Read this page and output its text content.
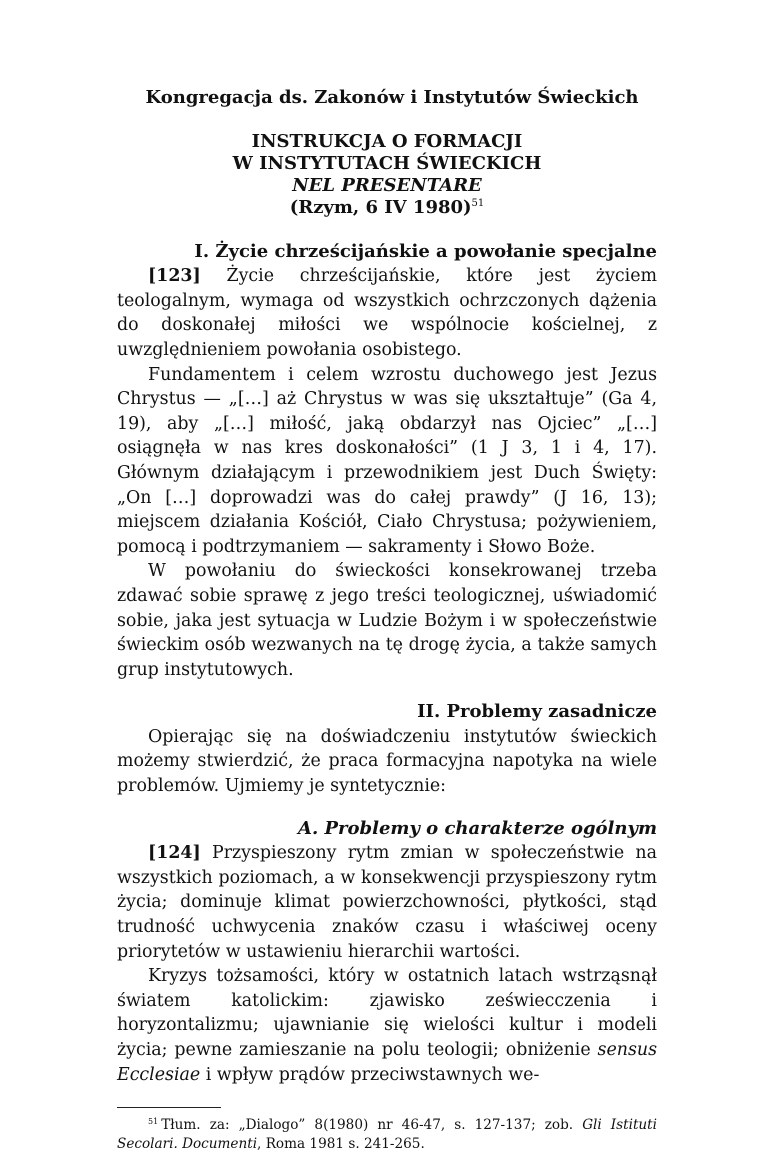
Kongregacja ds. Zakonów i Instytutów Świeckich
INSTRUKCJA O FORMACJI
W INSTYTUTACH ŚWIECKICH
NEL PRESENTARE
(Rzym, 6 IV 1980)$^{51}$
I. Życie chrześcijańskie a powołanie specjalne

[123] Życie chrześcijańskie, które jest życiem teologalnym, wymaga od wszystkich ochrzczonych dążenia do doskonałej miłości we wspólnocie kościelnej, z uwzględnieniem powołania osobistego.

Fundamentem i celem wzrostu duchowego jest Jezus Chrystus — „[…] aż Chrystus w was się ukształtuje” (Ga 4, 19), aby „[…] miłość, jaką obdarzył nas Ojciec” „[…] osiągnęła w nas kres doskonałości” (1 J 3, 1 i 4, 17). Głównym działającym i przewodnikiem jest Duch Święty: „On […] doprowadzi was do całej prawdy” (J 16, 13); miejscem działania Kościół, Ciało Chrystusa; pożywieniem, pomocą i podtrzymaniem — sakramenty i Słowo Boże.

W powołaniu do świeckości konsekrowanej trzeba zdawać sobie sprawę z jego treści teologicznej, uświadomić sobie, jaka jest sytuacja w Ludzie Bożym i w społeczeństwie świeckim osób wezwanych na tę drogę życia, a także samych grup instytutowych.

II. Problemy zasadnicze

Opierając się na doświadczeniu instytutów świeckich możemy stwierdzić, że praca formacyjna napotyka na wiele problemów. Ujmiemy je syntetycznie:

A. Problemy o charakterze ogólnym

[124] Przyspieszony rytm zmian w społeczeństwie na wszystkich poziomach, a w konsekwencji przyspieszony rytm życia; dominuje klimat powierzchowności, płytkości, stąd trudność uchwycenia znaków czasu i właściwej oceny priorytetów w ustawieniu hierarchii wartości.

Kryzys tożsamości, który w ostatnich latach wstrząsnął światem katolickim: zjawisko zeświecczenia i horyzontalizmu; ujawnianie się wielości kultur i modeli życia; pewne zamieszanie na polu teologii; obniżenie sensus Ecclesiae i wpływ prądów przeciwstawnych we-

$^{51}$ Tłum. za: „Dialogo” 8(1980) nr 46-47, s. 127-137; zob. Gli Istituti Secolari. Documenti, Roma 1981 s. 241-265.
